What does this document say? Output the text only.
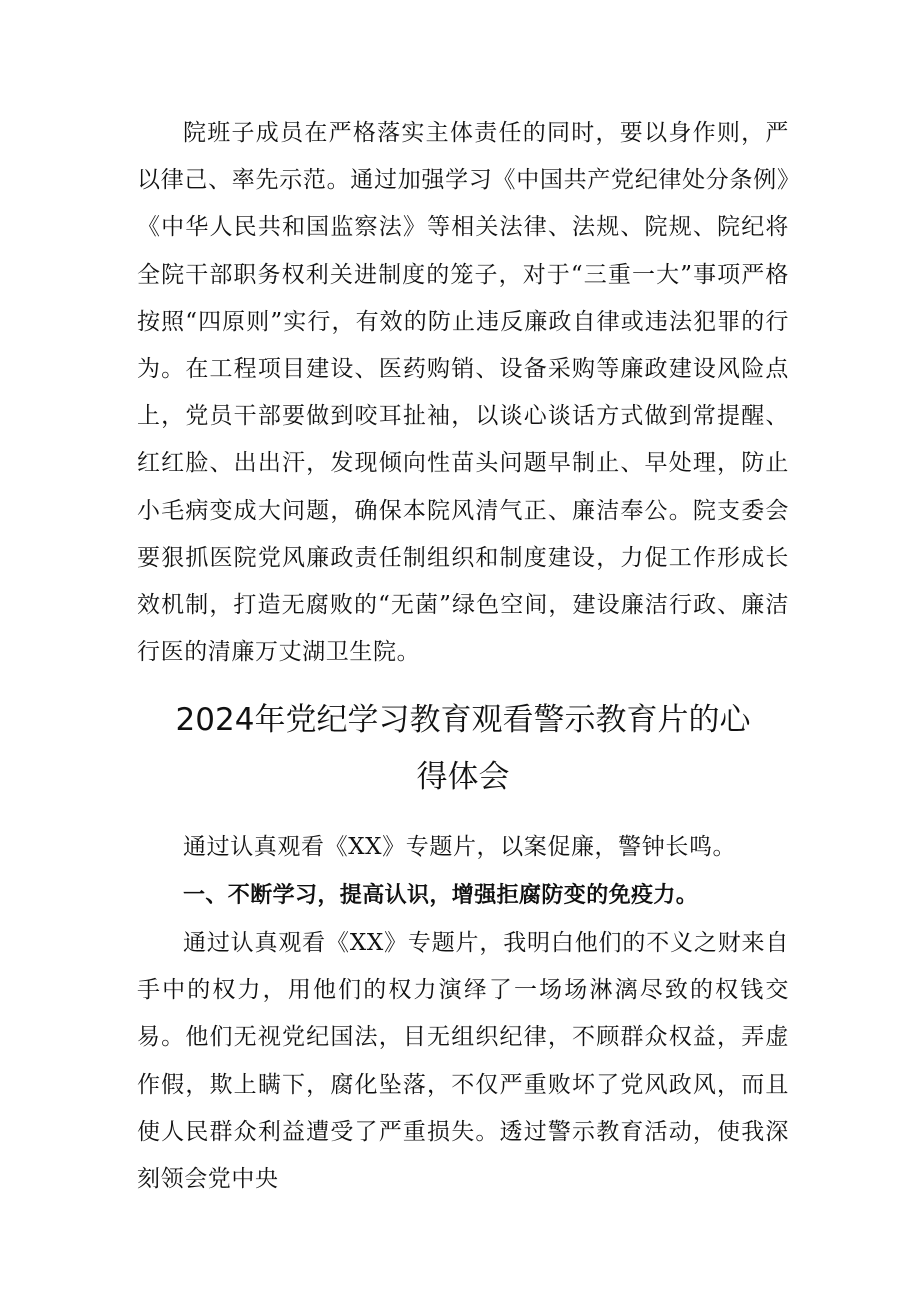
院班子成员在严格落实主体责任的同时，要以身作则，严以律己、率先示范。通过加强学习《中国共产党纪律处分条例》《中华人民共和国监察法》等相关法律、法规、院规、院纪将全院干部职务权利关进制度的笼子，对于“三重一大”事项严格按照“四原则”实行，有效的防止违反廉政自律或违法犯罪的行为。在工程项目建设、医药购销、设备采购等廉政建设风险点上，党员干部要做到咬耳扯袖，以谈心谈话方式做到常提醒、红红脸、出出汗，发现倾向性苗头问题早制止、早处理，防止小毛病变成大问题，确保本院风清气正、廉洁奉公。院支委会要狠抓医院党风廉政责任制组织和制度建设，力促工作形成长效机制，打造无腐败的“无菌”绿色空间，建设廉洁行政、廉洁行医的清廉万丈湖卫生院。

2024年党纪学习教育观看警示教育片的心
得体会

通过认真观看《XX》专题片，以案促廉，警钟长鸣。

一、不断学习，提高认识，增强拒腐防变的免疫力。

通过认真观看《XX》专题片，我明白他们的不义之财来自手中的权力，用他们的权力演绎了一场场淋漓尽致的权钱交易。他们无视党纪国法，目无组织纪律，不顾群众权益，弄虚作假，欺上瞒下，腐化坠落，不仅严重败坏了党风政风，而且使人民群众利益遭受了严重损失。透过警示教育活动，使我深刻领会党中央
